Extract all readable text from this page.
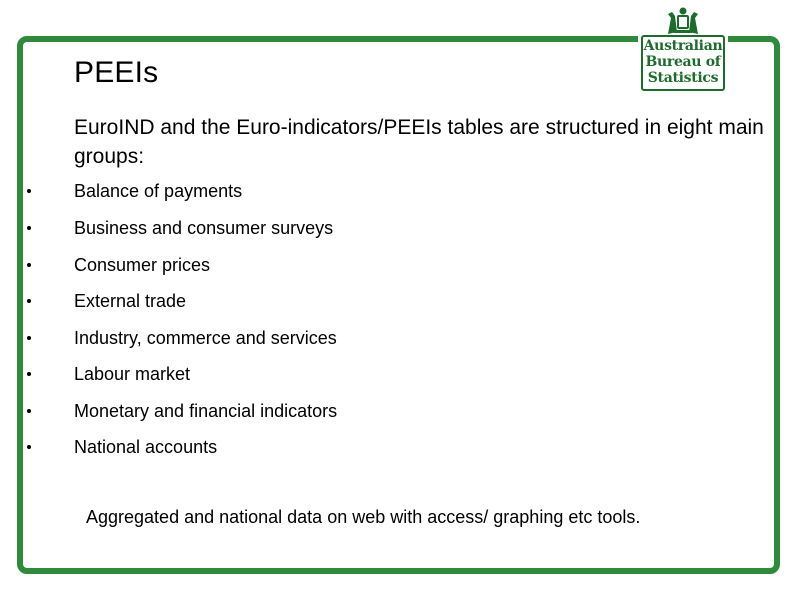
Australian
Bureau of
Statistics
PEEIs
EuroIND and the Euro-indicators/PEEIs tables are structured in eight main groups:
Balance of payments
Business and consumer surveys
Consumer prices
External trade
Industry, commerce and services
Labour market
Monetary and financial indicators
National accounts
Aggregated and national data on web with access/ graphing etc tools.
